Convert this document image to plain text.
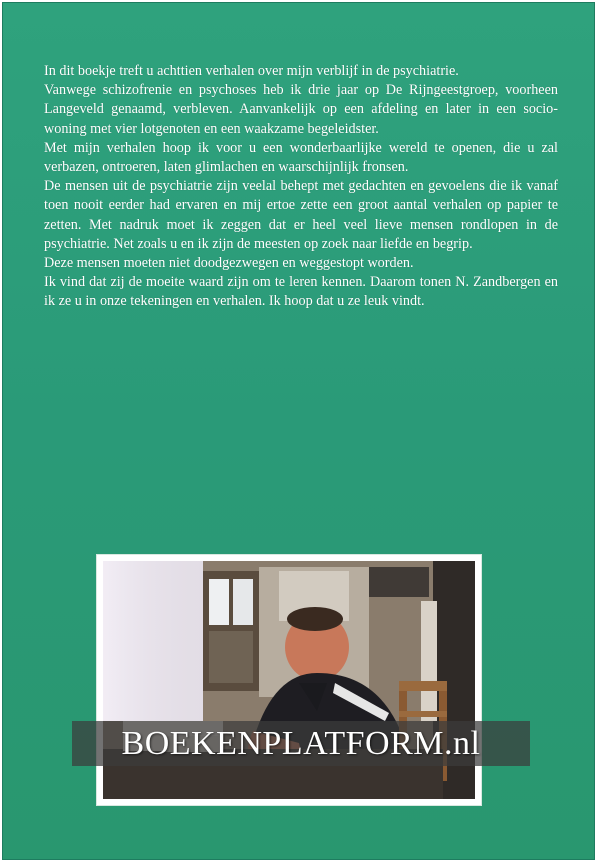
In dit boekje treft u achttien verhalen over mijn verblijf in de psychiatrie.

Vanwege schizofrenie en psychoses heb ik drie jaar op De Rijngeestgroep, voorheen Langeveld genaamd, verbleven. Aanvankelijk op een afdeling en later in een socio-woning met vier lotgenoten en een waakzame begeleidster.

Met mijn verhalen hoop ik voor u een wonderbaarlijke wereld te openen, die u zal verbazen, ontroeren, laten glimlachen en waarschijnlijk fronsen.

De mensen uit de psychiatrie zijn veelal behept met gedachten en gevoelens die ik vanaf toen nooit eerder had ervaren en mij ertoe zette een groot aantal verhalen op papier te zetten. Met nadruk moet ik zeggen dat er heel veel lieve mensen rondlopen in de psychiatrie. Net zoals u en ik zijn de meesten op zoek naar liefde en begrip.

Deze mensen moeten niet doodgezwegen en weggestopt worden.

Ik vind dat zij de moeite waard zijn om te leren kennen. Daarom tonen N. Zandbergen en ik ze u in onze tekeningen en verhalen. Ik hoop dat u ze leuk vindt.

BOEKENPLATFORM.nl
